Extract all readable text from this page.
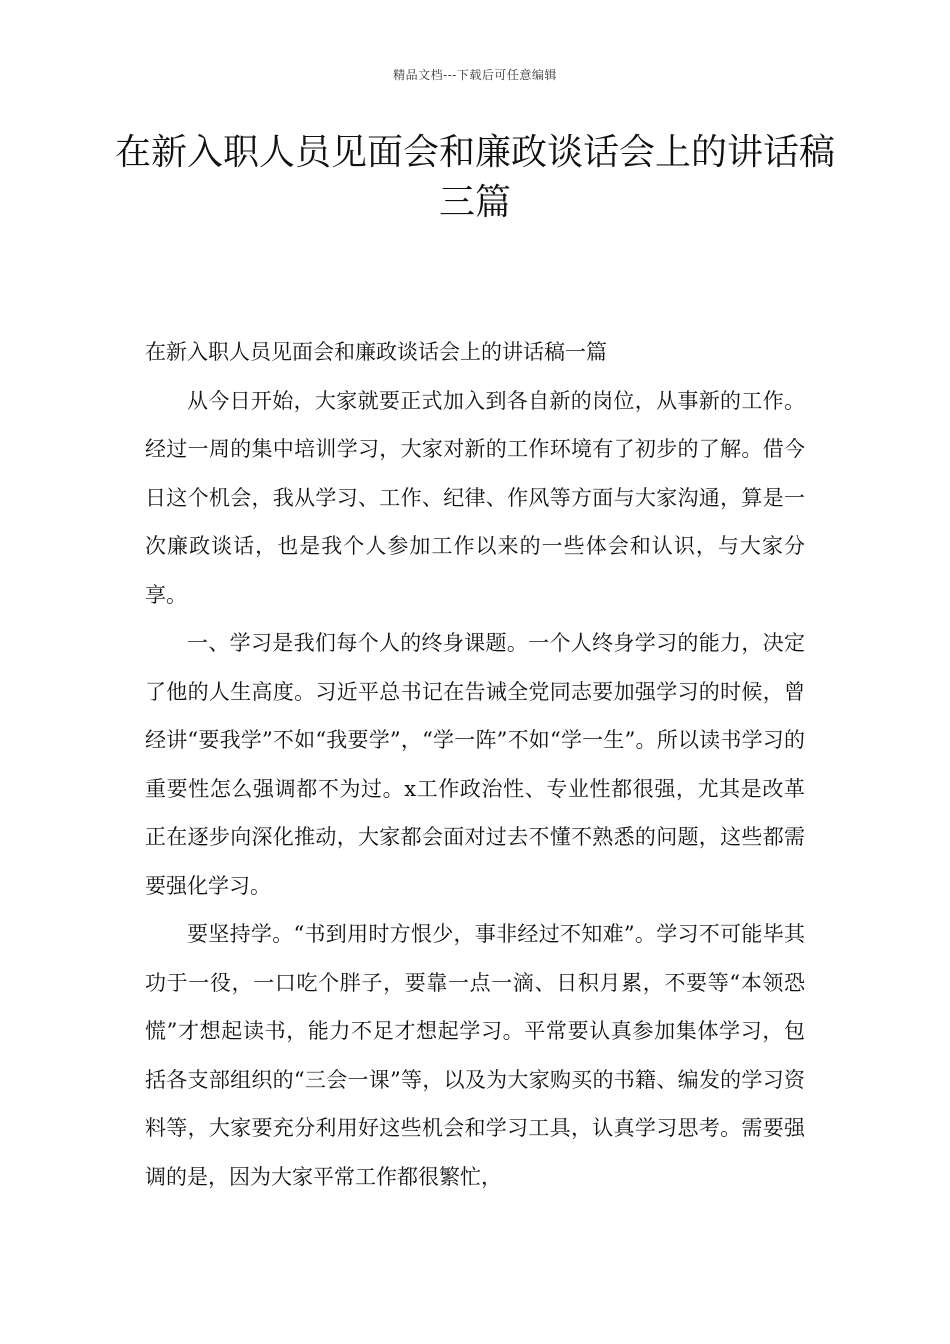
精品文档---下载后可任意编辑
在新入职人员见面会和廉政谈话会上的讲话稿三篇

在新入职人员见面会和廉政谈话会上的讲话稿一篇

从今日开始，大家就要正式加入到各自新的岗位，从事新的工作。经过一周的集中培训学习，大家对新的工作环境有了初步的了解。借今日这个机会，我从学习、工作、纪律、作风等方面与大家沟通，算是一次廉政谈话，也是我个人参加工作以来的一些体会和认识，与大家分享。

一、学习是我们每个人的终身课题。一个人终身学习的能力，决定了他的人生高度。习近平总书记在告诫全党同志要加强学习的时候，曾经讲“要我学”不如“我要学”，“学一阵”不如“学一生”。所以读书学习的重要性怎么强调都不为过。x工作政治性、专业性都很强，尤其是改革正在逐步向深化推动，大家都会面对过去不懂不熟悉的问题，这些都需要强化学习。

要坚持学。“书到用时方恨少，事非经过不知难”。学习不可能毕其功于一役，一口吃个胖子，要靠一点一滴、日积月累，不要等“本领恐慌”才想起读书，能力不足才想起学习。平常要认真参加集体学习，包括各支部组织的“三会一课”等，以及为大家购买的书籍、编发的学习资料等，大家要充分利用好这些机会和学习工具，认真学习思考。需要强调的是，因为大家平常工作都很繁忙，
